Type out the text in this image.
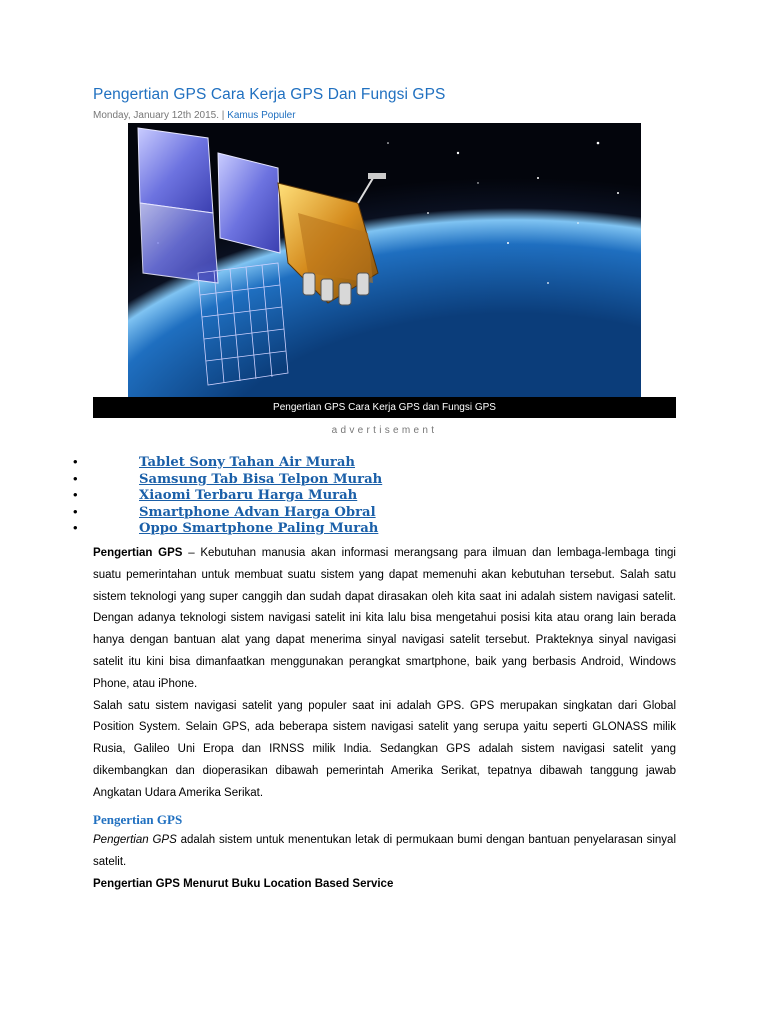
Pengertian GPS Cara Kerja GPS Dan Fungsi GPS
Monday, January 12th 2015. | Kamus Populer
Pengertian GPS Cara Kerja GPS dan Fungsi GPS
advertisement
•	Tablet Sony Tahan Air Murah
•	Samsung Tab Bisa Telpon Murah
•	Xiaomi Terbaru Harga Murah
•	Smartphone Advan Harga Obral
•	Oppo Smartphone Paling Murah

Pengertian GPS – Kebutuhan manusia akan informasi merangsang para ilmuan dan lembaga-lembaga tingi suatu pemerintahan untuk membuat suatu sistem yang dapat memenuhi akan kebutuhan tersebut. Salah satu sistem teknologi yang super canggih dan sudah dapat dirasakan oleh kita saat ini adalah sistem navigasi satelit. Dengan adanya teknologi sistem navigasi satelit ini kita lalu bisa mengetahui posisi kita atau orang lain berada hanya dengan bantuan alat yang dapat menerima sinyal navigasi satelit tersebut. Prakteknya sinyal navigasi satelit itu kini bisa dimanfaatkan menggunakan perangkat smartphone, baik yang berbasis Android, Windows Phone, atau iPhone.

Salah satu sistem navigasi satelit yang populer saat ini adalah GPS. GPS merupakan singkatan dari Global Position System. Selain GPS, ada beberapa sistem navigasi satelit yang serupa yaitu seperti GLONASS milik Rusia, Galileo Uni Eropa dan IRNSS milik India. Sedangkan GPS adalah sistem navigasi satelit yang dikembangkan dan dioperasikan dibawah pemerintah Amerika Serikat, tepatnya dibawah tanggung jawab Angkatan Udara Amerika Serikat.

Pengertian GPS

Pengertian GPS adalah sistem untuk menentukan letak di permukaan bumi dengan bantuan penyelarasan sinyal satelit.

Pengertian GPS Menurut Buku Location Based Service
